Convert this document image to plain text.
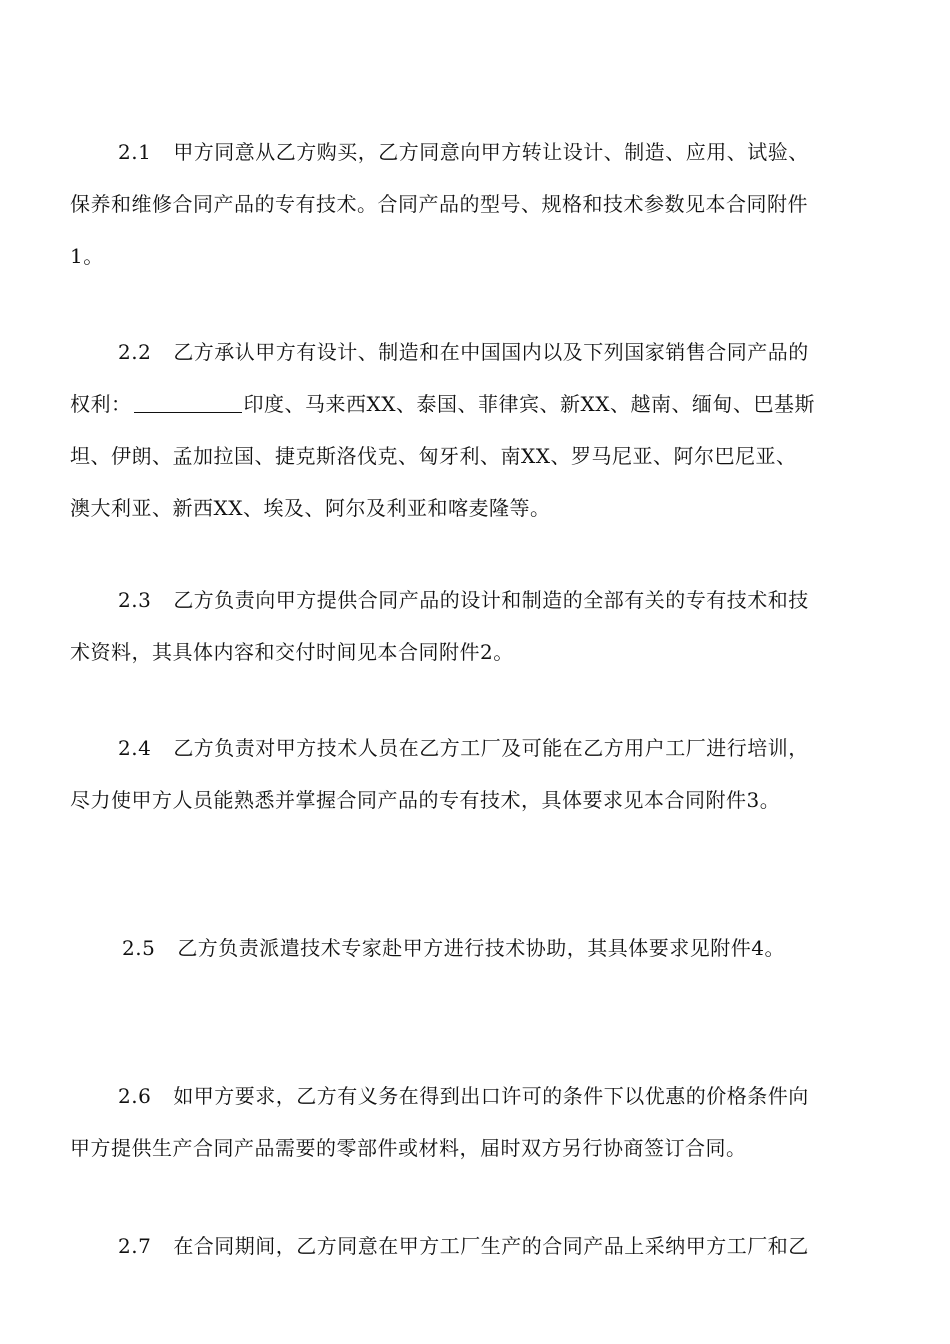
2.1 甲方同意从乙方购买，乙方同意向甲方转让设计、制造、应用、试验、
保养和维修合同产品的专有技术。合同产品的型号、规格和技术参数见本合同附件
1。
2.2 乙方承认甲方有设计、制造和在中国国内以及下列国家销售合同产品的
权利：	印度、马来西XX、泰国、菲律宾、新XX、越南、缅甸、巴基斯
坦、伊朗、孟加拉国、捷克斯洛伐克、匈牙利、南XX、罗马尼亚、阿尔巴尼亚、
澳大利亚、新西XX、埃及、阿尔及利亚和喀麦隆等。
2.3 乙方负责向甲方提供合同产品的设计和制造的全部有关的专有技术和技
术资料，其具体内容和交付时间见本合同附件2。
2.4 乙方负责对甲方技术人员在乙方工厂及可能在乙方用户工厂进行培训，
尽力使甲方人员能熟悉并掌握合同产品的专有技术，具体要求见本合同附件3。
2.5 乙方负责派遣技术专家赴甲方进行技术协助，其具体要求见附件4。
2.6 如甲方要求，乙方有义务在得到出口许可的条件下以优惠的价格条件向
甲方提供生产合同产品需要的零部件或材料，届时双方另行协商签订合同。
2.7 在合同期间，乙方同意在甲方工厂生产的合同产品上采纳甲方工厂和乙
